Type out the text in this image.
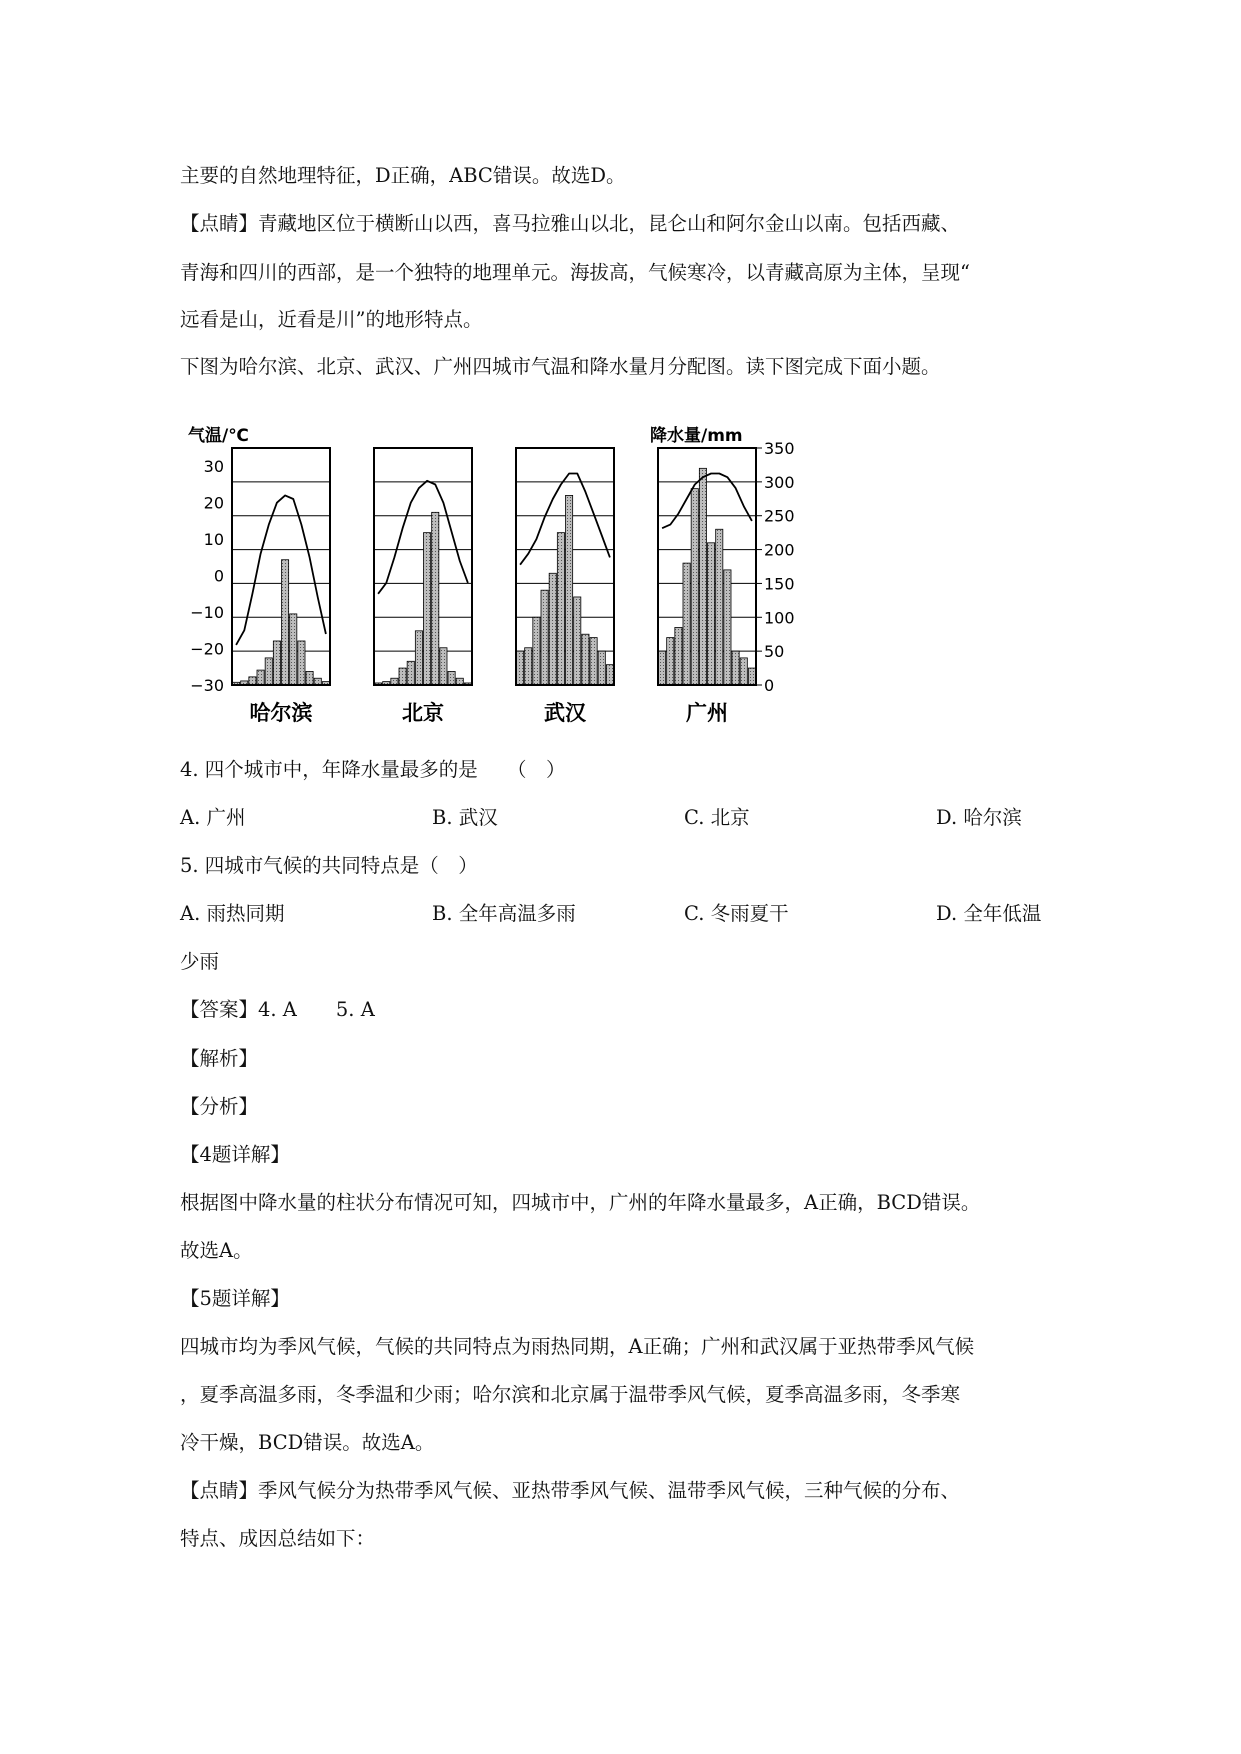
主要的自然地理特征，D正确，ABC错误。故选D。
【点睛】青藏地区位于横断山以西，喜马拉雅山以北，昆仑山和阿尔金山以南。包括西藏、
青海和四川的西部，是一个独特的地理单元。海拔高，气候寒冷，以青藏高原为主体，呈现“
远看是山，近看是川”的地形特点。
下图为哈尔滨、北京、武汉、广州四城市气温和降水量月分配图。读下图完成下面小题。
气温/℃	降水量/mm
30
20
10
0
−10
−20
−30
350
300
250
200
150
100
50
0
哈尔滨	北京	武汉	广州
4. 四个城市中，年降水量最多的是　　（　）
A. 广州	B. 武汉	C. 北京	D. 哈尔滨
5. 四城市气候的共同特点是（　）
A. 雨热同期	B. 全年高温多雨	C. 冬雨夏干	D. 全年低温
少雨
【答案】4. A　　5. A
【解析】
【分析】
【4题详解】
根据图中降水量的柱状分布情况可知，四城市中，广州的年降水量最多，A正确，BCD错误。
故选A。
【5题详解】
四城市均为季风气候，气候的共同特点为雨热同期，A正确；广州和武汉属于亚热带季风气候
，夏季高温多雨，冬季温和少雨；哈尔滨和北京属于温带季风气候，夏季高温多雨，冬季寒
冷干燥，BCD错误。故选A。
【点睛】季风气候分为热带季风气候、亚热带季风气候、温带季风气候，三种气候的分布、
特点、成因总结如下：
